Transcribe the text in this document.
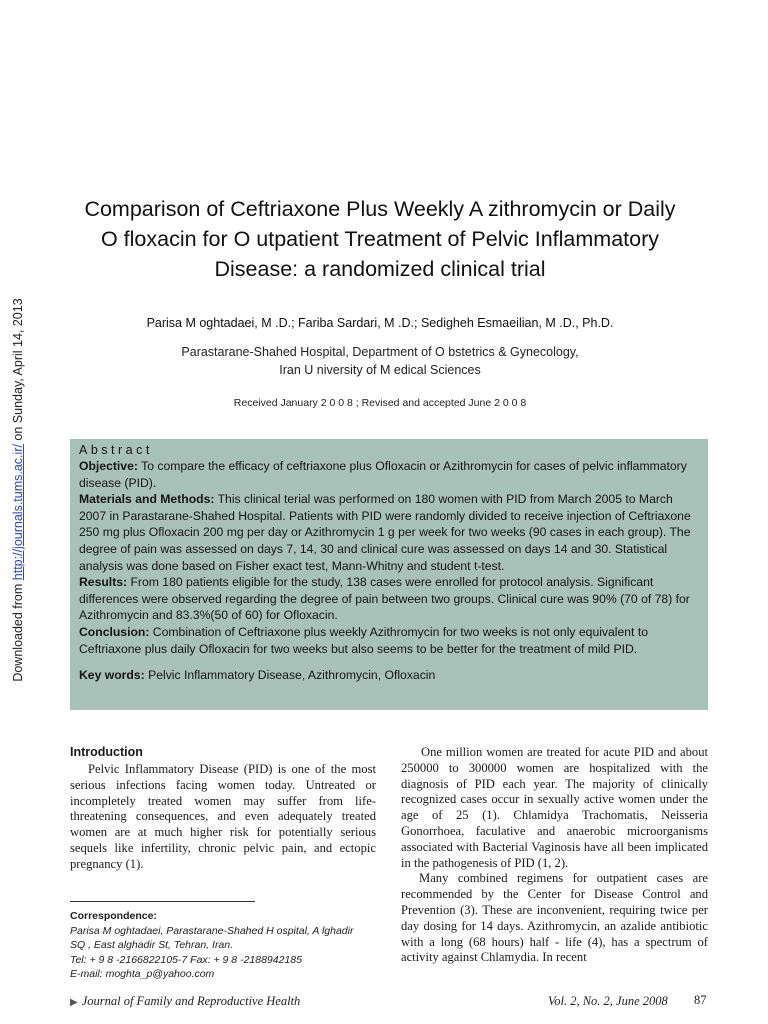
Downloaded from http://journals.tums.ac.ir/ on Sunday, April 14, 2013
Comparison of Ceftriaxone Plus Weekly A zithromycin or Daily
O floxacin for O utpatient Treatment of Pelvic Inflammatory
Disease: a randomized clinical trial
Parisa M oghtadaei, M .D.; Fariba Sardari, M .D.; Sedigheh Esmaeilian, M .D., Ph.D.
Parastarane-Shahed Hospital, Department of O bstetrics & Gynecology,
Iran U niversity of M edical Sciences
Received January 2 0 0 8 ; Revised and accepted June 2 0 0 8
Abstract

Objective: To compare the efficacy of ceftriaxone plus Ofloxacin or Azithromycin for cases of pelvic inflammatory disease (PID).

Materials and Methods: This clinical terial was performed on 180 women with PID from March 2005 to March 2007 in Parastarane-Shahed Hospital. Patients with PID were randomly divided to receive injection of Ceftriaxone 250 mg plus Ofloxacin 200 mg per day or Azithromycin 1 g per week for two weeks (90 cases in each group). The degree of pain was assessed on days 7, 14, 30 and clinical cure was assessed on days 14 and 30. Statistical analysis was done based on Fisher exact test, Mann-Whitny and student t-test.

Results: From 180 patients eligible for the study, 138 cases were enrolled for protocol analysis. Significant differences were observed regarding the degree of pain between two groups. Clinical cure was 90% (70 of 78) for Azithromycin and 83.3%(50 of 60) for Ofloxacin.

Conclusion: Combination of Ceftriaxone plus weekly Azithromycin for two weeks is not only equivalent to Ceftriaxone plus daily Ofloxacin for two weeks but also seems to be better for the treatment of mild PID.

Key words: Pelvic Inflammatory Disease, Azithromycin, Ofloxacin

Introduction

Pelvic Inflammatory Disease (PID) is one of the most serious infections facing women today. Untreated or incompletely treated women may suffer from life-threatening consequences, and even adequately treated women are at much higher risk for potentially serious sequels like infertility, chronic pelvic pain, and ectopic pregnancy (1).

One million women are treated for acute PID and about 250000 to 300000 women are hospitalized with the diagnosis of PID each year. The majority of clinically recognized cases occur in sexually active women under the age of 25 (1). Chlamidya Trachomatis, Neisseria Gonorrhoea, faculative and anaerobic microorganisms associated with Bacterial Vaginosis have all been implicated in the pathogenesis of PID (1, 2).

Many combined regimens for outpatient cases are recommended by the Center for Disease Control and Prevention (3). These are inconvenient, requiring twice per day dosing for 14 days. Azithromycin, an azalide antibiotic with a long (68 hours) half - life (4), has a spectrum of activity against Chlamydia. In recent

Correspondence:
Parisa M oghtadaei, Parastarane-Shahed H ospital, A lghadir
SQ , East alghadir St, Tehran, Iran.
Tel: + 9 8 -2166822105-7 Fax: + 9 8 -2188942185
E-mail: moghta_p@yahoo.com
▶ Journal of Family and Reproductive Health	Vol. 2, No. 2, June 2008 87
